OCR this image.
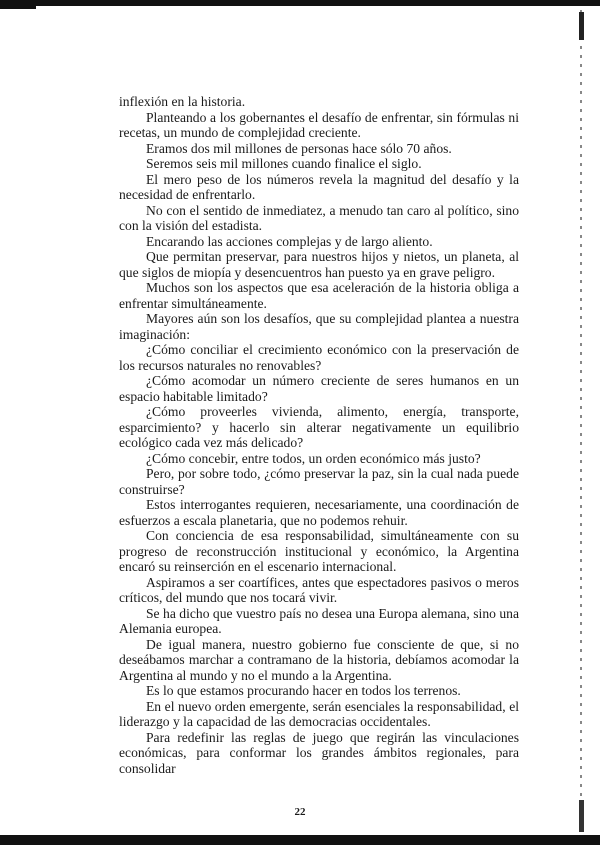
inflexión en la historia.

Planteando a los gobernantes el desafío de enfrentar, sin fórmulas ni recetas, un mundo de complejidad creciente.

Eramos dos mil millones de personas hace sólo 70 años.

Seremos seis mil millones cuando finalice el siglo.

El mero peso de los números revela la magnitud del desafío y la necesidad de enfrentarlo.

No con el sentido de inmediatez, a menudo tan caro al político, sino con la visión del estadista.

Encarando las acciones complejas y de largo aliento.

Que permitan preservar, para nuestros hijos y nietos, un planeta, al que siglos de miopía y desencuentros han puesto ya en grave peligro.

Muchos son los aspectos que esa aceleración de la historia obliga a enfrentar simultáneamente.

Mayores aún son los desafíos, que su complejidad plantea a nuestra imaginación:

¿Cómo conciliar el crecimiento económico con la preservación de los recursos naturales no renovables?

¿Cómo acomodar un número creciente de seres humanos en un espacio habitable limitado?

¿Cómo proveerles vivienda, alimento, energía, transporte, esparcimiento? y hacerlo sin alterar negativamente un equilibrio ecológico cada vez más delicado?

¿Cómo concebir, entre todos, un orden económico más justo?

Pero, por sobre todo, ¿cómo preservar la paz, sin la cual nada puede construirse?

Estos interrogantes requieren, necesariamente, una coordinación de esfuerzos a escala planetaria, que no podemos rehuir.

Con conciencia de esa responsabilidad, simultáneamente con su progreso de reconstrucción institucional y económico, la Argentina encaró su reinserción en el escenario internacional.

Aspiramos a ser coartífices, antes que espectadores pasivos o meros críticos, del mundo que nos tocará vivir.

Se ha dicho que vuestro país no desea una Europa alemana, sino una Alemania europea.

De igual manera, nuestro gobierno fue consciente de que, si no deseábamos marchar a contramano de la historia, debíamos acomodar la Argentina al mundo y no el mundo a la Argentina.

Es lo que estamos procurando hacer en todos los terrenos.

En el nuevo orden emergente, serán esenciales la responsabilidad, el liderazgo y la capacidad de las democracias occidentales.

Para redefinir las reglas de juego que regirán las vinculaciones económicas, para conformar los grandes ámbitos regionales, para consolidar

22
